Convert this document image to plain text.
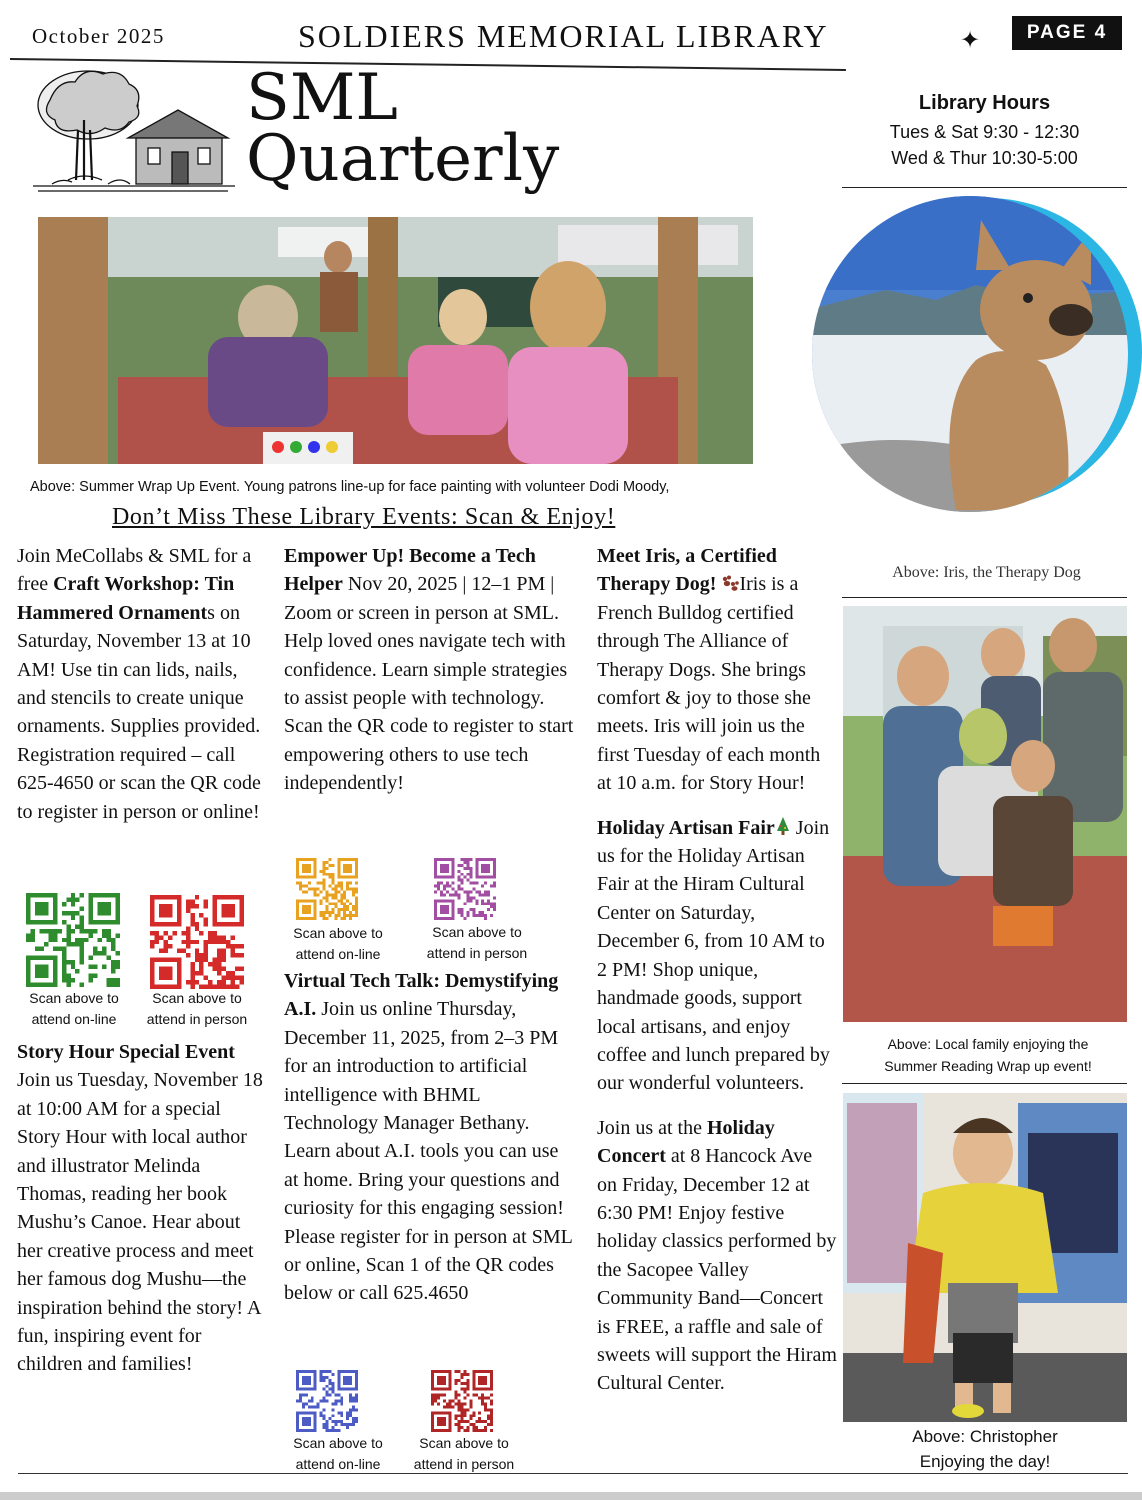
October 2025	SOLDIERS MEMORIAL LIBRARY	✦	PAGE 4
SML
Quarterly
Library Hours
Tues & Sat 9:30 - 12:30
Wed & Thur 10:30-5:00
Above: Summer Wrap Up Event. Young patrons line-up for face painting with volunteer Dodi Moody,
Above: Iris, the Therapy Dog
Above: Local family enjoying the
Summer Reading Wrap up event!
Above: Christopher
Enjoying the day!
Don’t Miss These Library Events: Scan & Enjoy!

Join MeCollabs & SML for a free Craft Workshop: Tin Hammered Ornaments on Saturday, November 13 at 10 AM! Use tin can lids, nails, and stencils to create unique ornaments. Supplies provided. Registration required – call 625-4650 or scan the QR code to register in person or online!

Scan above to
attend on-line
Scan above to
attend in person

Story Hour Special Event Join us Tuesday, November 18 at 10:00 AM for a special Story Hour with local author and illustrator Melinda Thomas, reading her book Mushu’s Canoe. Hear about her creative process and meet her famous dog Mushu—the inspiration behind the story! A fun, inspiring event for children and families!

Empower Up! Become a Tech Helper Nov 20, 2025 | 12–1 PM | Zoom or screen in person at SML.

Help loved ones navigate tech with confidence. Learn simple strategies to assist people with technology. Scan the QR code to register to start empowering others to use tech independently!

Scan above to
attend on-line
Scan above to
attend in person

Virtual Tech Talk: Demystifying A.I. Join us online Thursday, December 11, 2025, from 2–3 PM for an introduction to artificial intelligence with BHML Technology Manager Bethany. Learn about A.I. tools you can use at home. Bring your questions and curiosity for this engaging session! Please register for in person at SML or online, Scan 1 of the QR codes below or call 625.4650

Scan above to
attend on-line
Scan above to
attend in person

Meet Iris, a Certified Therapy Dog! Iris is a French Bulldog certified through The Alliance of Therapy Dogs. She brings comfort & joy to those she meets. Iris will join us the first Tuesday of each month at 10 a.m. for Story Hour!

Holiday Artisan Fair Join us for the Holiday Artisan Fair at the Hiram Cultural Center on Saturday, December 6, from 10 AM to 2 PM! Shop unique, handmade goods, support local artisans, and enjoy coffee and lunch prepared by our wonderful volunteers.

Join us at the Holiday Concert at 8 Hancock Ave on Friday, December 12 at 6:30 PM! Enjoy festive holiday classics performed by the Sacopee Valley Community Band—Concert is FREE, a raffle and sale of sweets will support the Hiram Cultural Center.
